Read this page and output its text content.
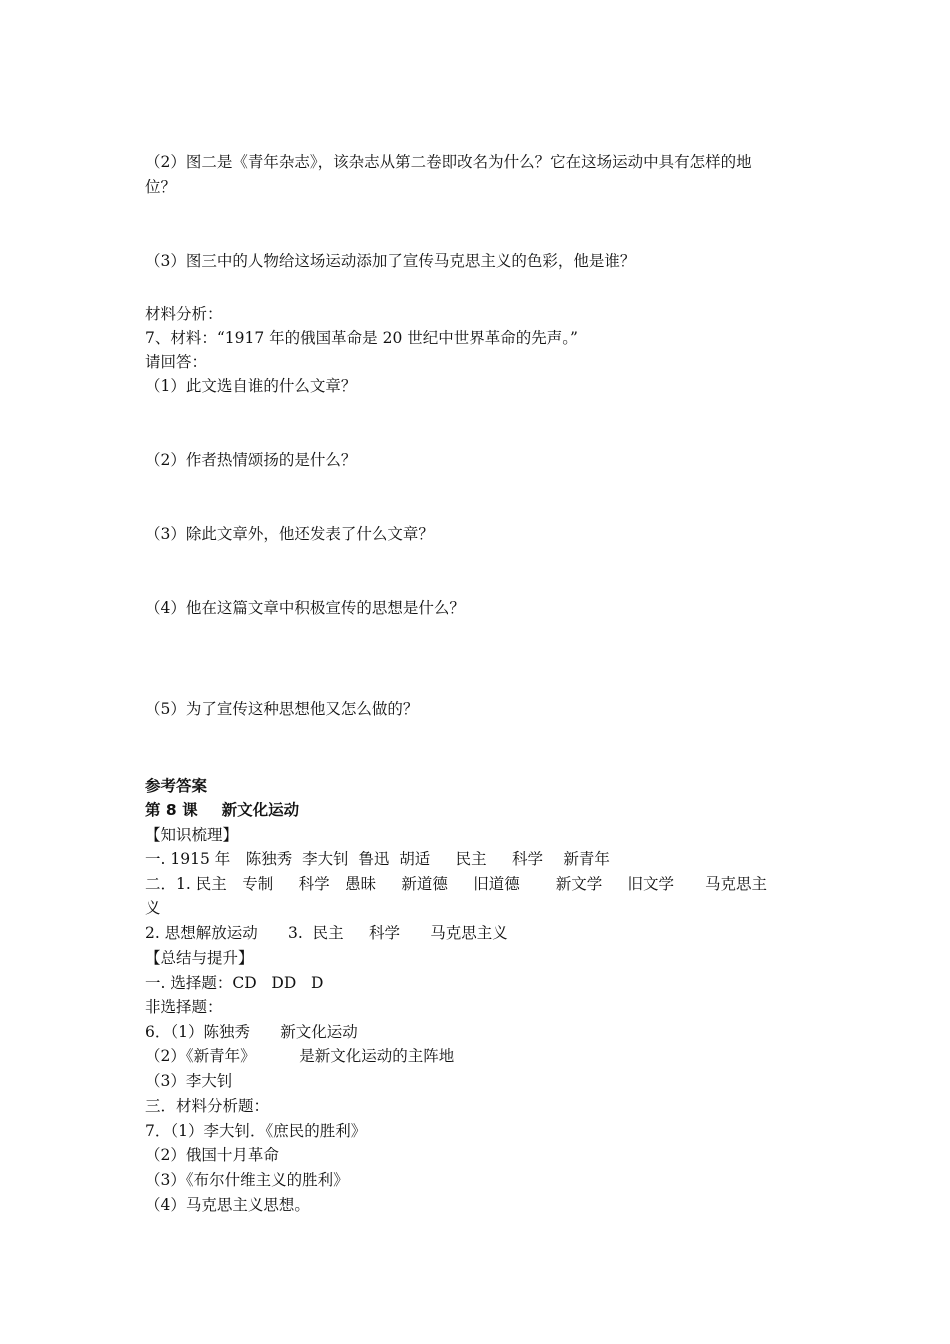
（2）图二是《青年杂志》，该杂志从第二卷即改名为什么？它在这场运动中具有怎样的地
位？
（3）图三中的人物给这场运动添加了宣传马克思主义的色彩，他是谁？
材料分析：
7、材料：“1917 年的俄国革命是 20 世纪中世界革命的先声。”
请回答：
（1）此文选自谁的什么文章？
（2）作者热情颂扬的是什么？
（3）除此文章外，他还发表了什么文章？
（4）他在这篇文章中积极宣传的思想是什么？
（5）为了宣传这种思想他又怎么做的？
参考答案
第 8 课 新文化运动
【知识梳理】
一. 1915 年　陈独秀  李大钊  鲁迅  胡适　  民主　  科学　 新青年
二．1. 民主　专制　  科学　愚昧　  新道德　  旧道德　　 新文学　  旧文学　　马克思主
义
2. 思想解放运动　   3.  民主　  科学　   马克思主义
【总结与提升】
一. 选择题：CD   DD   D
非选择题：
6．（1）陈独秀　   新文化运动
（2）《新青年》　　　 是新文化运动的主阵地
（3）李大钊
三．材料分析题：
7．（1）李大钊．《庶民的胜利》
（2）俄国十月革命
（3）《布尔什维主义的胜利》
（4）马克思主义思想。
